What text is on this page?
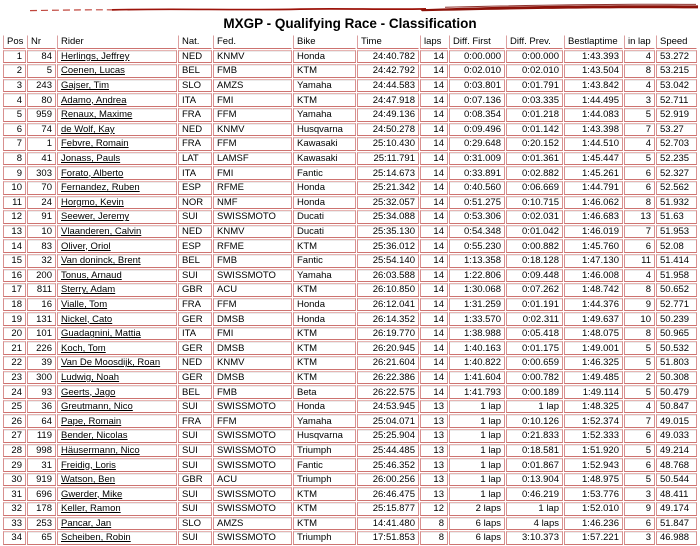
MXGP - Qualifying Race - Classification
Pos	Nr	Rider	Nat.	Fed.	Bike	Time	laps	Diff. First	Diff. Prev.	Bestlaptime	in lap	Speed
1	84	Herlings, Jeffrey	NED	KNMV	Honda	24:40.782	14	0:00.000	0:00.000	1:43.393	4	53.272
2	5	Coenen, Lucas	BEL	FMB	KTM	24:42.792	14	0:02.010	0:02.010	1:43.504	8	53.215
3	243	Gajser, Tim	SLO	AMZS	Yamaha	24:44.583	14	0:03.801	0:01.791	1:43.842	4	53.042
4	80	Adamo, Andrea	ITA	FMI	KTM	24:47.918	14	0:07.136	0:03.335	1:44.495	3	52.711
5	959	Renaux, Maxime	FRA	FFM	Yamaha	24:49.136	14	0:08.354	0:01.218	1:44.083	5	52.919
6	74	de Wolf, Kay	NED	KNMV	Husqvarna	24:50.278	14	0:09.496	0:01.142	1:43.398	7	53.27
7	1	Febvre, Romain	FRA	FFM	Kawasaki	25:10.430	14	0:29.648	0:20.152	1:44.510	4	52.703
8	41	Jonass, Pauls	LAT	LAMSF	Kawasaki	25:11.791	14	0:31.009	0:01.361	1:45.447	5	52.235
9	303	Forato, Alberto	ITA	FMI	Fantic	25:14.673	14	0:33.891	0:02.882	1:45.261	6	52.327
10	70	Fernandez, Ruben	ESP	RFME	Honda	25:21.342	14	0:40.560	0:06.669	1:44.791	6	52.562
11	24	Horgmo, Kevin	NOR	NMF	Honda	25:32.057	14	0:51.275	0:10.715	1:46.062	8	51.932
12	91	Seewer, Jeremy	SUI	SWISSMOTO	Ducati	25:34.088	14	0:53.306	0:02.031	1:46.683	13	51.63
13	10	Vlaanderen, Calvin	NED	KNMV	Ducati	25:35.130	14	0:54.348	0:01.042	1:46.019	7	51.953
14	83	Oliver, Oriol	ESP	RFME	KTM	25:36.012	14	0:55.230	0:00.882	1:45.760	6	52.08
15	32	Van doninck, Brent	BEL	FMB	Fantic	25:54.140	14	1:13.358	0:18.128	1:47.130	11	51.414
16	200	Tonus, Arnaud	SUI	SWISSMOTO	Yamaha	26:03.588	14	1:22.806	0:09.448	1:46.008	4	51.958
17	811	Sterry, Adam	GBR	ACU	KTM	26:10.850	14	1:30.068	0:07.262	1:48.742	8	50.652
18	16	Vialle, Tom	FRA	FFM	Honda	26:12.041	14	1:31.259	0:01.191	1:44.376	9	52.771
19	131	Nickel, Cato	GER	DMSB	Honda	26:14.352	14	1:33.570	0:02.311	1:49.637	10	50.239
20	101	Guadagnini, Mattia	ITA	FMI	KTM	26:19.770	14	1:38.988	0:05.418	1:48.075	8	50.965
21	226	Koch, Tom	GER	DMSB	KTM	26:20.945	14	1:40.163	0:01.175	1:49.001	5	50.532
22	39	Van De Moosdijk, Roan	NED	KNMV	KTM	26:21.604	14	1:40.822	0:00.659	1:46.325	5	51.803
23	300	Ludwig, Noah	GER	DMSB	KTM	26:22.386	14	1:41.604	0:00.782	1:49.485	2	50.308
24	93	Geerts, Jago	BEL	FMB	Beta	26:22.575	14	1:41.793	0:00.189	1:49.114	5	50.479
25	36	Greutmann, Nico	SUI	SWISSMOTO	Honda	24:53.945	13	1 lap	1 lap	1:48.325	4	50.847
26	64	Pape, Romain	FRA	FFM	Yamaha	25:04.071	13	1 lap	0:10.126	1:52.374	7	49.015
27	119	Bender, Nicolas	SUI	SWISSMOTO	Husqvarna	25:25.904	13	1 lap	0:21.833	1:52.333	6	49.033
28	998	Häusermann, Nico	SUI	SWISSMOTO	Triumph	25:44.485	13	1 lap	0:18.581	1:51.920	5	49.214
29	31	Freidig, Loris	SUI	SWISSMOTO	Fantic	25:46.352	13	1 lap	0:01.867	1:52.943	6	48.768
30	919	Watson, Ben	GBR	ACU	Triumph	26:00.256	13	1 lap	0:13.904	1:48.975	5	50.544
31	696	Gwerder, Mike	SUI	SWISSMOTO	KTM	26:46.475	13	1 lap	0:46.219	1:53.776	3	48.411
32	178	Keller, Ramon	SUI	SWISSMOTO	KTM	25:15.877	12	2 laps	1 lap	1:52.010	9	49.174
33	253	Pancar, Jan	SLO	AMZS	KTM	14:41.480	8	6 laps	4 laps	1:46.236	6	51.847
34	65	Scheiben, Robin	SUI	SWISSMOTO	Triumph	17:51.853	8	6 laps	3:10.373	1:57.221	3	46.988
